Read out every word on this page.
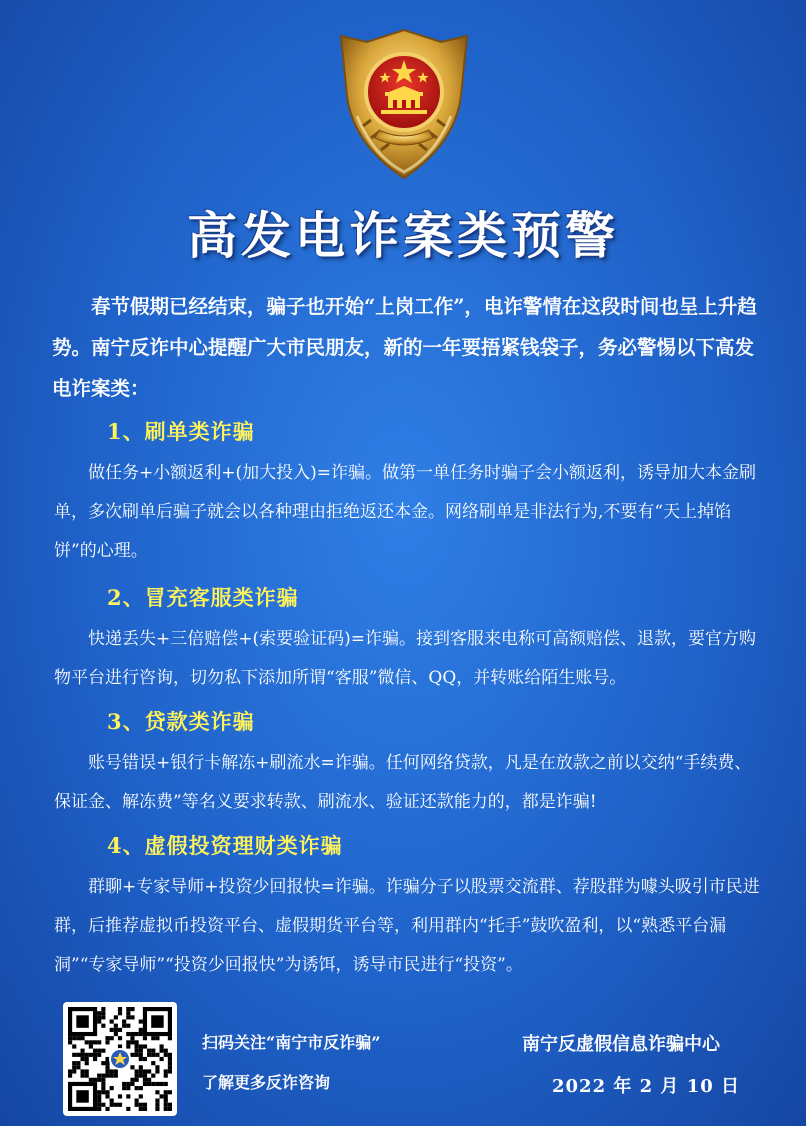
高发电诈案类预警
春节假期已经结束，骗子也开始“上岗工作”，电诈警情在这段时间也呈上升趋势。南宁反诈中心提醒广大市民朋友，新的一年要捂紧钱袋子，务必警惕以下高发电诈案类：
1、刷单类诈骗
做任务+小额返利+(加大投入)=诈骗。做第一单任务时骗子会小额返利，诱导加大本金刷单，多次刷单后骗子就会以各种理由拒绝返还本金。网络刷单是非法行为,不要有“天上掉馅饼”的心理。
2、冒充客服类诈骗
快递丢失+三倍赔偿+(索要验证码)=诈骗。接到客服来电称可高额赔偿、退款，要官方购物平台进行咨询，切勿私下添加所谓“客服”微信、QQ，并转账给陌生账号。
3、贷款类诈骗
账号错误+银行卡解冻+刷流水=诈骗。任何网络贷款，凡是在放款之前以交纳“手续费、保证金、解冻费”等名义要求转款、刷流水、验证还款能力的，都是诈骗!
4、虚假投资理财类诈骗
群聊+专家导师+投资少回报快=诈骗。诈骗分子以股票交流群、荐股群为噱头吸引市民进群，后推荐虚拟币投资平台、虚假期货平台等，利用群内“托手”鼓吹盈利，以“熟悉平台漏洞”“专家导师”“投资少回报快”为诱饵，诱导市民进行“投资”。
扫码关注“南宁市反诈骗”
了解更多反诈咨询
南宁反虚假信息诈骗中心
2022 年 2 月 10 日
